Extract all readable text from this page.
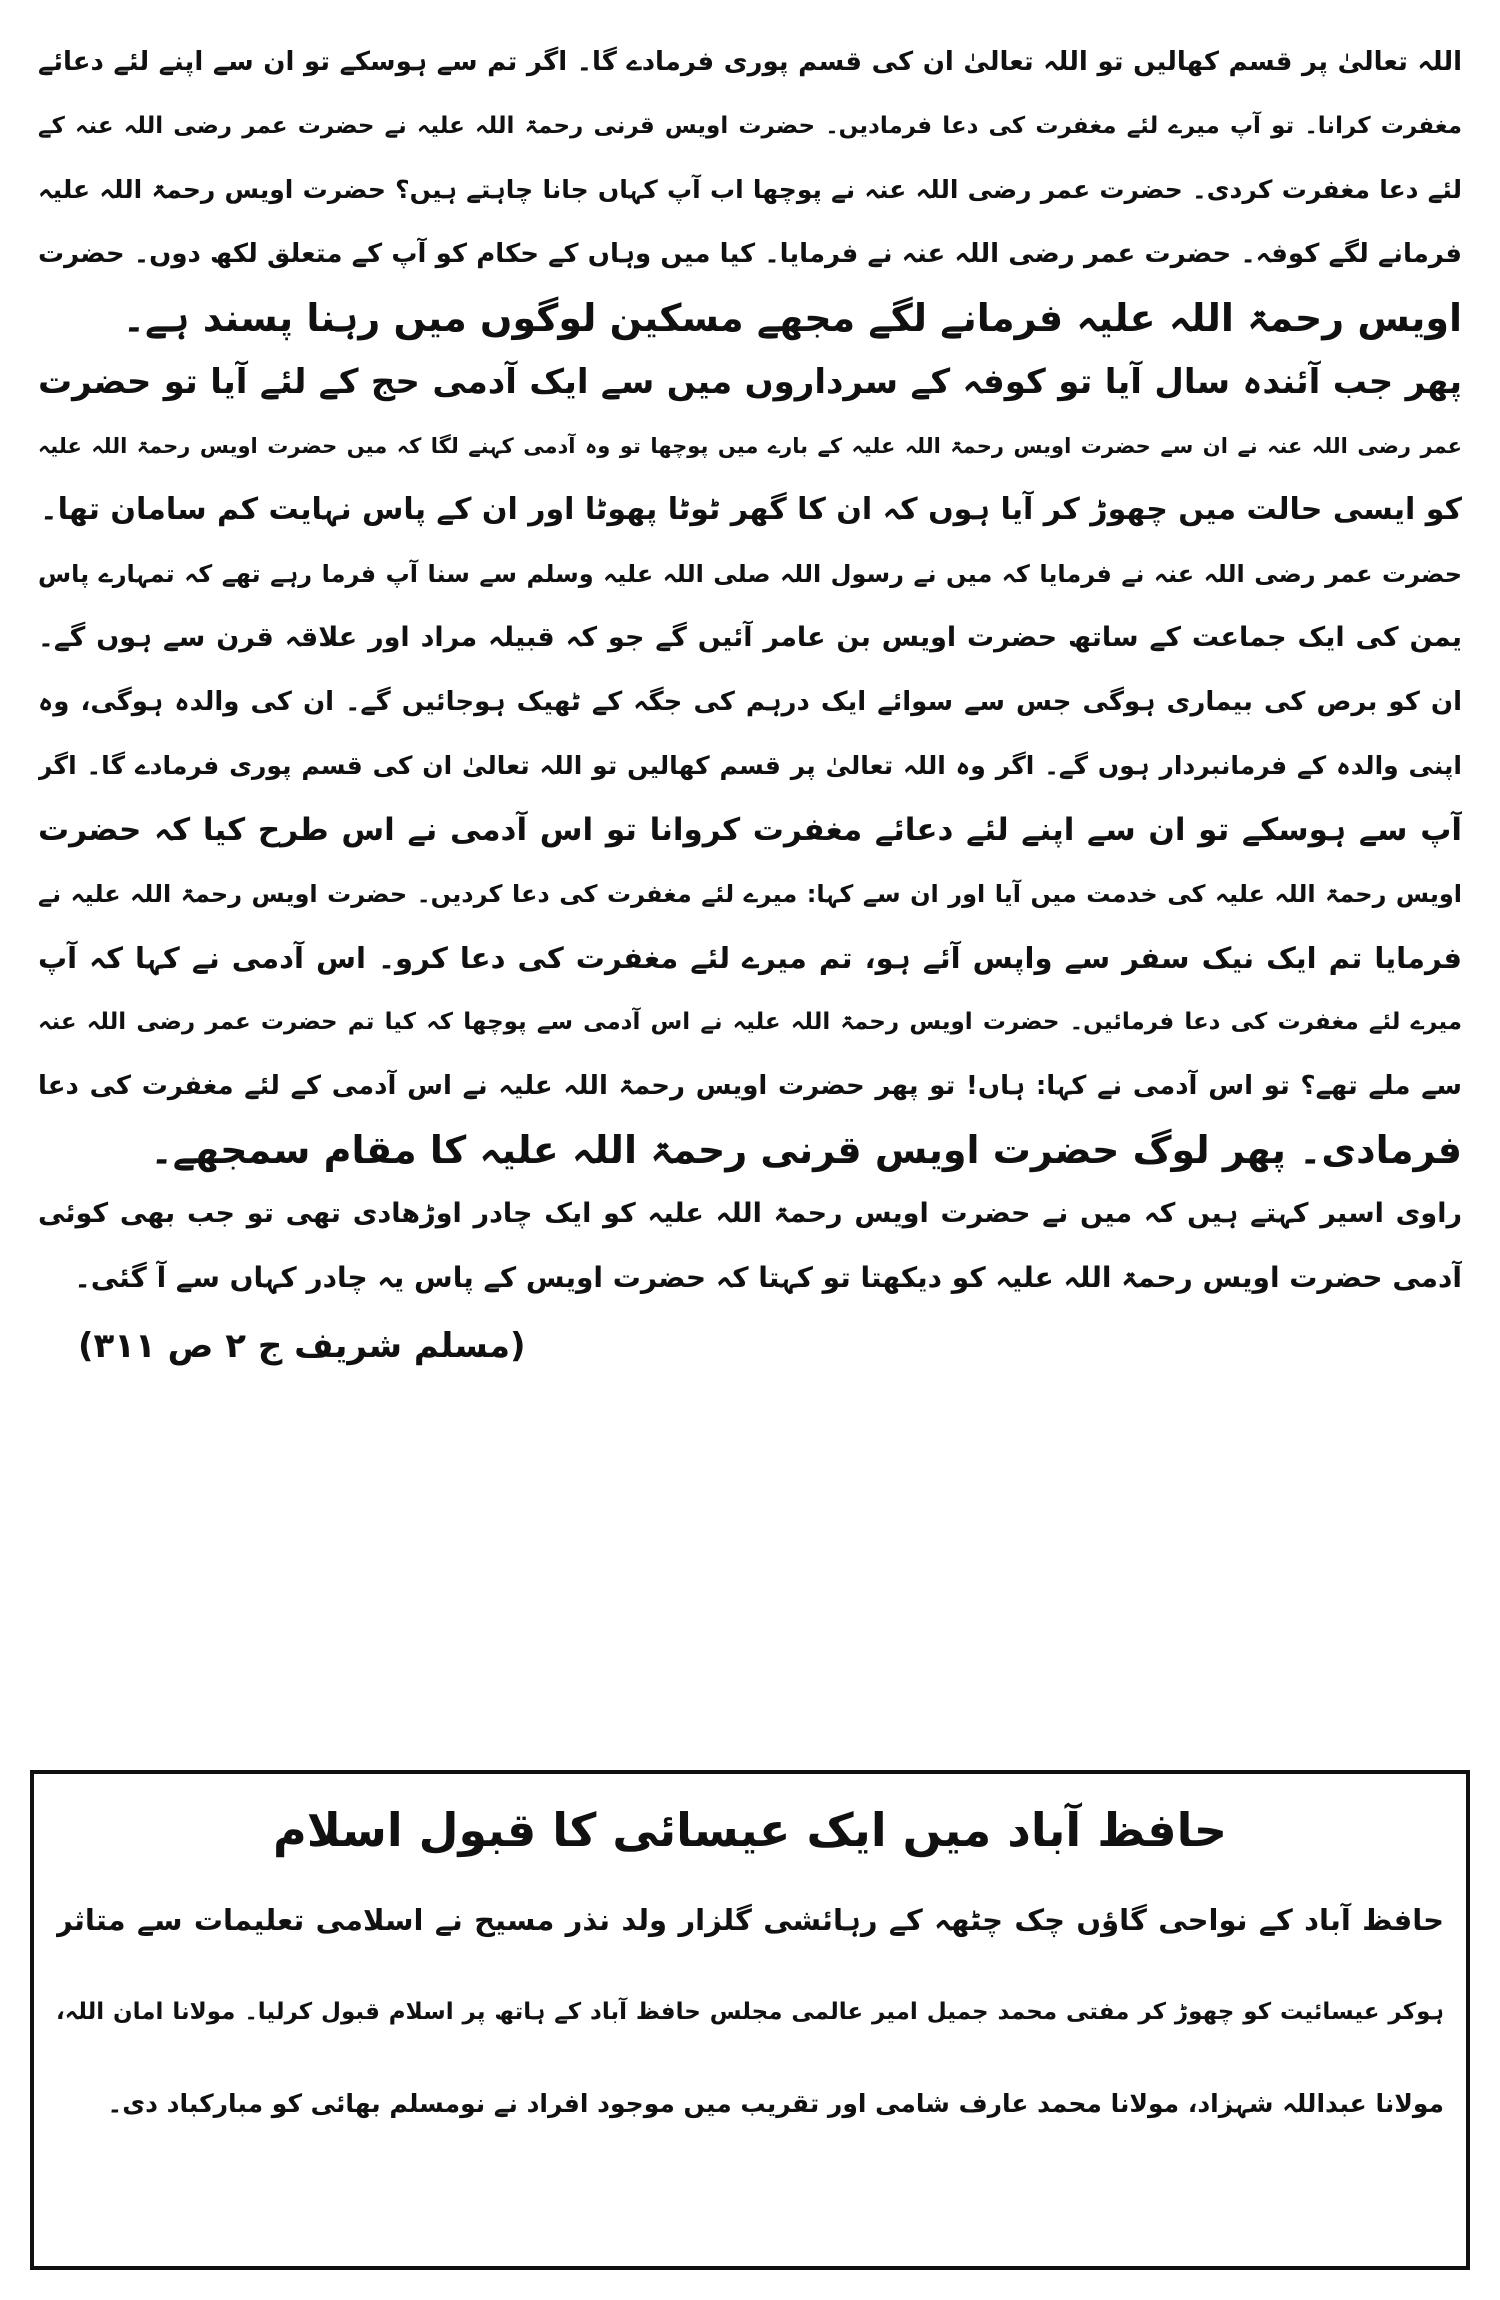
اللہ تعالیٰ پر قسم کھالیں تو اللہ تعالیٰ ان کی قسم پوری فرمادے گا۔ اگر تم سے ہوسکے تو ان سے اپنے لئے دعائے
مغفرت کرانا۔ تو آپ میرے لئے مغفرت کی دعا فرمادیں۔ حضرت اویس قرنی رحمۃ اللہ علیہ نے حضرت عمر رضی اللہ عنہ کے
لئے دعا مغفرت کردی۔ حضرت عمر رضی اللہ عنہ نے پوچھا اب آپ کہاں جانا چاہتے ہیں؟ حضرت اویس رحمۃ اللہ علیہ
فرمانے لگے کوفہ۔ حضرت عمر رضی اللہ عنہ نے فرمایا۔ کیا میں وہاں کے حکام کو آپ کے متعلق لکھ دوں۔ حضرت
اویس رحمۃ اللہ علیہ فرمانے لگے مجھے مسکین لوگوں میں رہنا پسند ہے۔
پھر جب آئندہ سال آیا تو کوفہ کے سرداروں میں سے ایک آدمی حج کے لئے آیا تو حضرت
عمر رضی اللہ عنہ نے ان سے حضرت اویس رحمۃ اللہ علیہ کے بارے میں پوچھا تو وہ آدمی کہنے لگا کہ میں حضرت اویس رحمۃ اللہ علیہ
کو ایسی حالت میں چھوڑ کر آیا ہوں کہ ان کا گھر ٹوٹا پھوٹا اور ان کے پاس نہایت کم سامان تھا۔
حضرت عمر رضی اللہ عنہ نے فرمایا کہ میں نے رسول اللہ صلی اللہ علیہ وسلم سے سنا آپ فرما رہے تھے کہ تمہارے پاس
یمن کی ایک جماعت کے ساتھ حضرت اویس بن عامر آئیں گے جو کہ قبیلہ مراد اور علاقہ قرن سے ہوں گے۔
ان کو برص کی بیماری ہوگی جس سے سوائے ایک درہم کی جگہ کے ٹھیک ہوجائیں گے۔ ان کی والدہ ہوگی، وہ
اپنی والدہ کے فرمانبردار ہوں گے۔ اگر وہ اللہ تعالیٰ پر قسم کھالیں تو اللہ تعالیٰ ان کی قسم پوری فرمادے گا۔ اگر
آپ سے ہوسکے تو ان سے اپنے لئے دعائے مغفرت کروانا تو اس آدمی نے اس طرح کیا کہ حضرت
اویس رحمۃ اللہ علیہ کی خدمت میں آیا اور ان سے کہا: میرے لئے مغفرت کی دعا کردیں۔ حضرت اویس رحمۃ اللہ علیہ نے
فرمایا تم ایک نیک سفر سے واپس آئے ہو، تم میرے لئے مغفرت کی دعا کرو۔ اس آدمی نے کہا کہ آپ
میرے لئے مغفرت کی دعا فرمائیں۔ حضرت اویس رحمۃ اللہ علیہ نے اس آدمی سے پوچھا کہ کیا تم حضرت عمر رضی اللہ عنہ
سے ملے تھے؟ تو اس آدمی نے کہا: ہاں! تو پھر حضرت اویس رحمۃ اللہ علیہ نے اس آدمی کے لئے مغفرت کی دعا
فرمادی۔ پھر لوگ حضرت اویس قرنی رحمۃ اللہ علیہ کا مقام سمجھے۔
راوی اسیر کہتے ہیں کہ میں نے حضرت اویس رحمۃ اللہ علیہ کو ایک چادر اوڑھادی تھی تو جب بھی کوئی
آدمی حضرت اویس رحمۃ اللہ علیہ کو دیکھتا تو کہتا کہ حضرت اویس کے پاس یہ چادر کہاں سے آ گئی۔
(مسلم شریف ج ۲ ص ۳۱۱)
حافظ آباد میں ایک عیسائی کا قبول اسلام
حافظ آباد کے نواحی گاؤں چک چٹھہ کے رہائشی گلزار ولد نذر مسیح نے اسلامی تعلیمات سے متاثر
ہوکر عیسائیت کو چھوڑ کر مفتی محمد جمیل امیر عالمی مجلس حافظ آباد کے ہاتھ پر اسلام قبول کرلیا۔ مولانا امان اللہ،
مولانا عبداللہ شہزاد، مولانا محمد عارف شامی اور تقریب میں موجود افراد نے نومسلم بھائی کو مبارکباد دی۔
